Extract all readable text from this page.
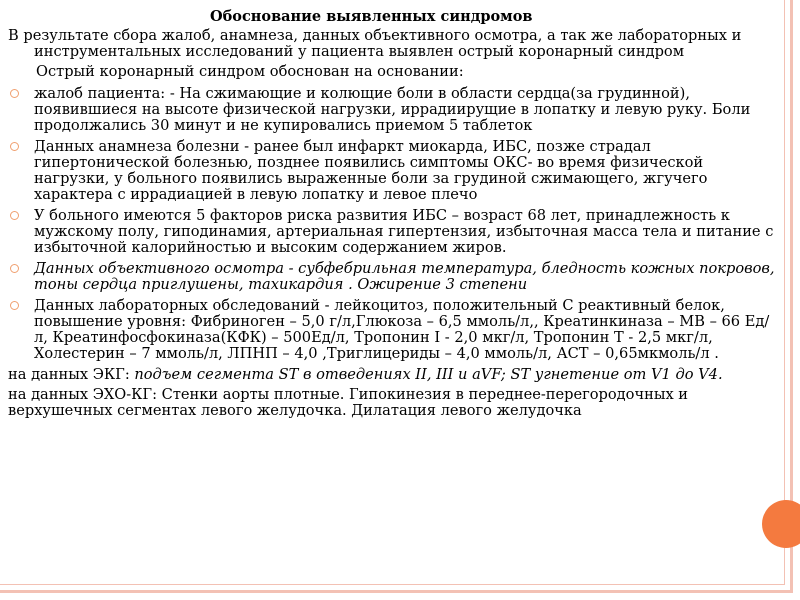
Обоснование выявленных синдромов

В результате сбора жалоб, анамнеза, данных объективного осмотра, а так же лабораторных и инструментальных исследований у пациента выявлен острый коронарный синдром

Острый коронарный синдром обоснован на основании:

жалоб пациента: - На сжимающие и колющие боли в области сердца(за грудинной), появившиеся на высоте физической нагрузки, иррадиирущие в лопатку и левую руку. Боли продолжались 30 минут и не купировались приемом 5 таблеток
Данных анамнеза болезни - ранее был инфаркт миокарда, ИБС, позже страдал гипертонической болезнью, позднее появились симптомы ОКС- во время физической нагрузки, у больного появились выраженные боли за грудиной сжимающего, жгучего характера с иррадиацией в левую лопатку и левое плечо
У больного имеются 5 факторов риска развития ИБС – возраст 68 лет, принадлежность к мужскому полу, гиподинамия, артериальная гипертензия, избыточная масса тела и питание с избыточной калорийностью и высоким содержанием жиров.
Данных объективного осмотра - субфебрильная температура, бледность кожных покровов, тоны сердца приглушены, тахикардия . Ожирение 3 степени
Данных лабораторных обследований - лейкоцитоз, положительный С реактивный белок, повышение уровня: Фибриноген – 5,0 г/л,Глюкоза – 6,5 ммоль/л,, Креатинкиназа – МВ – 66 Ед/л, Креатинфосфокиназа(КФК) – 500Ед/л, Тропонин I - 2,0 мкг/л, Тропонин Т - 2,5 мкг/л, Холестерин – 7 ммоль/л, ЛПНП – 4,0 ,Триглицериды – 4,0 ммоль/л, АСТ – 0,65мкмоль/л .

на данных ЭКГ: подъем сегмента ST в отведениях II, III и aVF; ST угнетение от V1 до V4.

на данных ЭХО-КГ: Стенки аорты плотные. Гипокинезия в переднее-перегородочных и верхушечных сегментах левого желудочка. Дилатация левого желудочка
